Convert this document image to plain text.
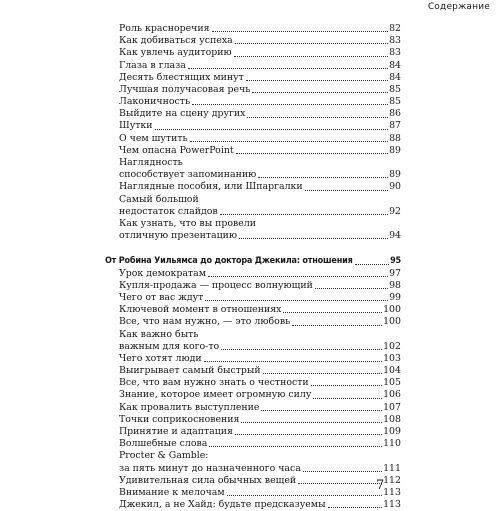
Содержание
Роль красноречия	82
Как добиваться успеха	83
Как увлечь аудиторию	83
Глаза в глаза	84
Десять блестящих минут	84
Лучшая получасовая речь	85
Лаконичность	85
Выйдите на сцену других	86
Шутки	87
О чем шутить	88
Чем опасна PowerPoint	89
Наглядность
способствует запоминанию	89
Наглядные пособия, или Шпаргалки	90
Самый большой
недостаток слайдов	92
Как узнать, что вы провели
отличную презентацию	94
От Робина Уильямса до доктора Джекила: отношения	95
Урок демократам	97
Купля-продажа — процесс волнующий	98
Чего от вас ждут	99
Ключевой момент в отношениях	100
Все, что нам нужно, — это любовь	100
Как важно быть
важным для кого-то	102
Чего хотят люди	103
Выигрывает самый быстрый	104
Все, что вам нужно знать о честности	105
Знание, которое имеет огромную силу	106
Как провалить выступление	107
Точки соприкосновения	108
Принятие и адаптация	109
Волшебные слова	110
Procter & Gamble:
за пять минут до назначенного часа	111
Удивительная сила обычных вещей	112
Внимание к мелочам	113
Джекил, а не Хайд: будьте предсказуемы	113
7
